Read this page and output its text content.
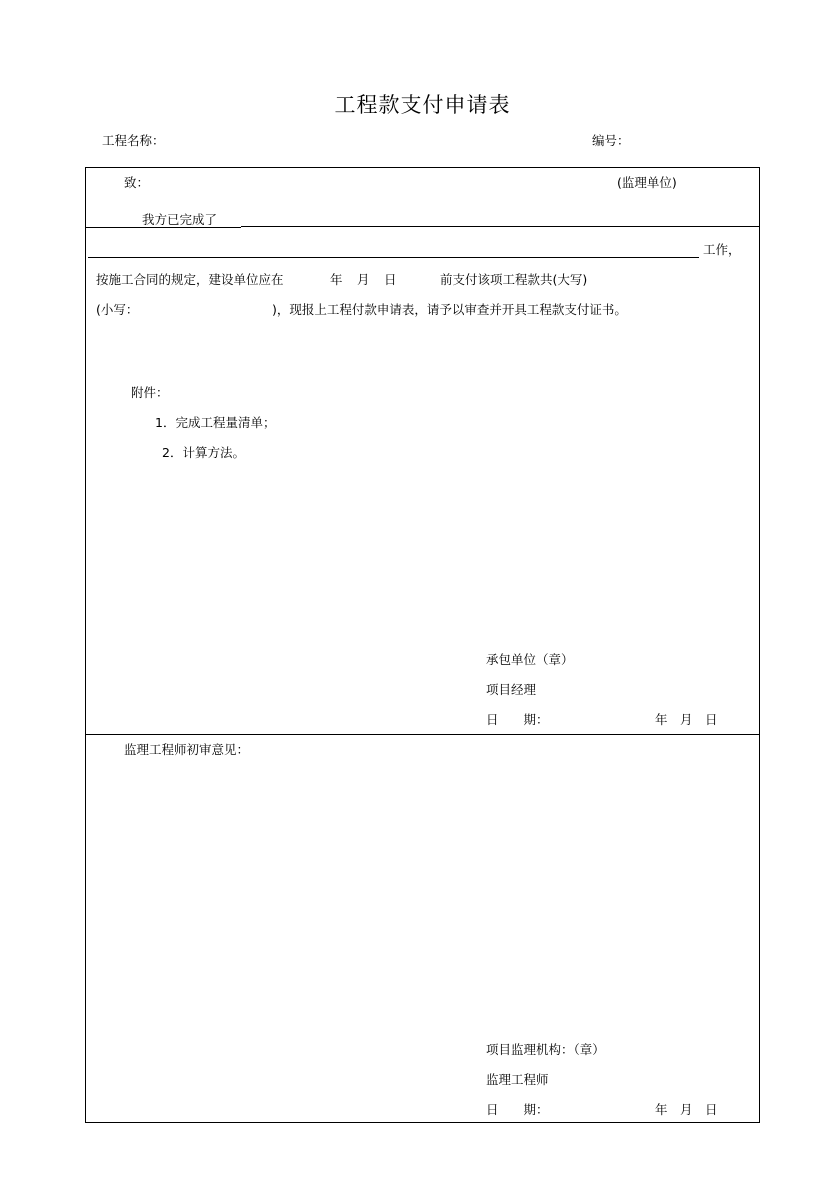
工程款支付申请表
工程名称：	编号：
致：	(监理单位)
我方已完成了
工作，
按施工合同的规定，建设单位应在	年 月 日	前支付该项工程款共(大写)
(小写：	)，现报上工程付款申请表，请予以审查并开具工程款支付证书。
附件：
1．完成工程量清单；
2．计算方法。
承包单位（章）
项目经理
日　　期：	年　月　日
监理工程师初审意见：
项目监理机构：（章）
监理工程师
日　　期：	年　月　日
